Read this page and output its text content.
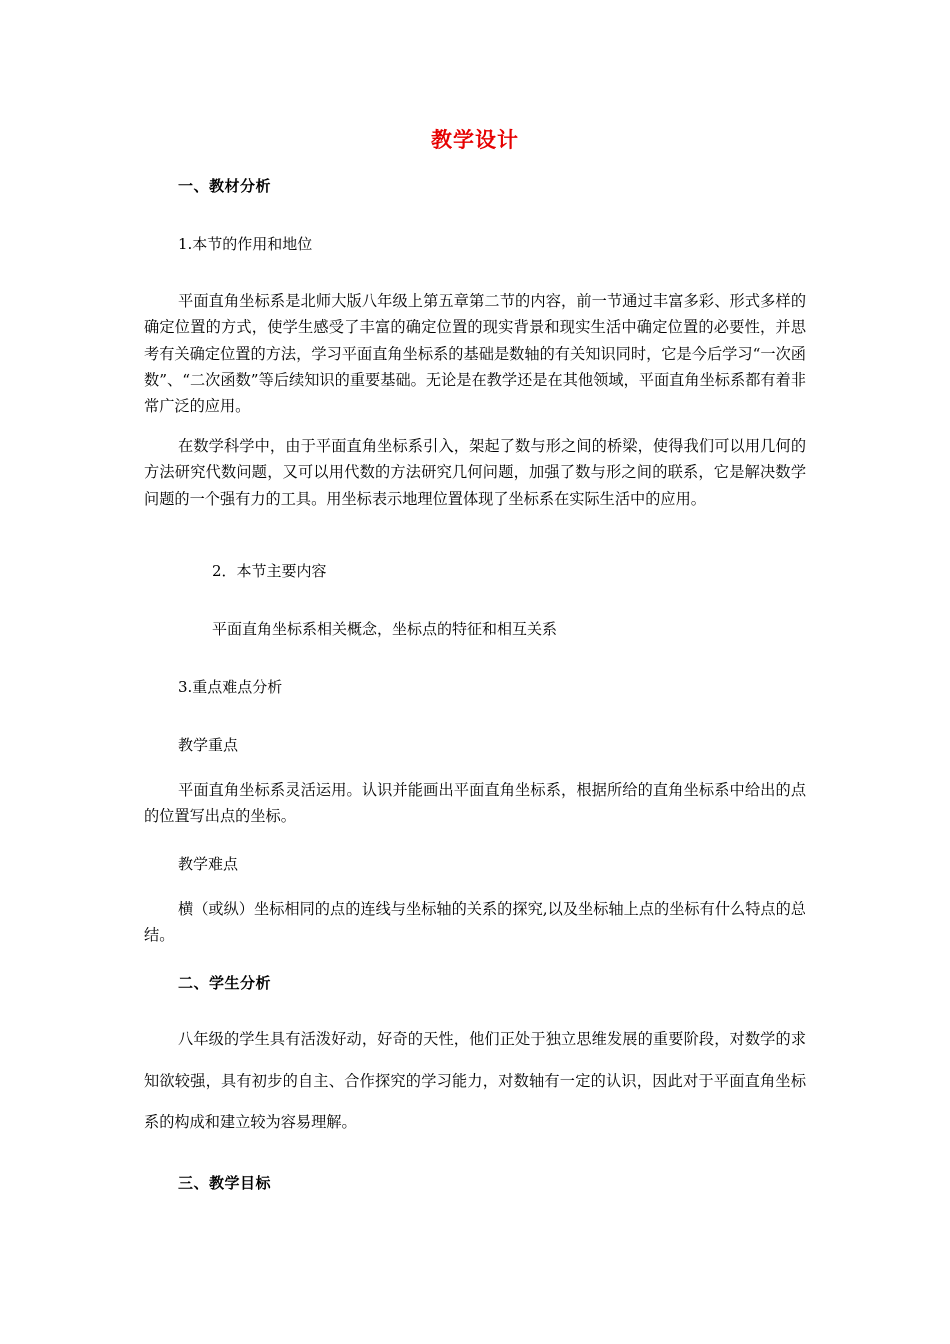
教学设计
一、教材分析
1.本节的作用和地位

平面直角坐标系是北师大版八年级上第五章第二节的内容，前一节通过丰富多彩、形式多样的确定位置的方式，使学生感受了丰富的确定位置的现实背景和现实生活中确定位置的必要性，并思考有关确定位置的方法，学习平面直角坐标系的基础是数轴的有关知识同时，它是今后学习“一次函数”、“二次函数”等后续知识的重要基础。无论是在教学还是在其他领域，平面直角坐标系都有着非常广泛的应用。

在数学科学中，由于平面直角坐标系引入，架起了数与形之间的桥梁，使得我们可以用几何的方法研究代数问题，又可以用代数的方法研究几何问题，加强了数与形之间的联系，它是解决数学问题的一个强有力的工具。用坐标表示地理位置体现了坐标系在实际生活中的应用。

2．本节主要内容
平面直角坐标系相关概念，坐标点的特征和相互关系
3.重点难点分析
教学重点

平面直角坐标系灵活运用。认识并能画出平面直角坐标系，根据所给的直角坐标系中给出的点的位置写出点的坐标。

教学难点

横（或纵）坐标相同的点的连线与坐标轴的关系的探究,以及坐标轴上点的坐标有什么特点的总结。

二、学生分析

八年级的学生具有活泼好动，好奇的天性，他们正处于独立思维发展的重要阶段，对数学的求知欲较强，具有初步的自主、合作探究的学习能力，对数轴有一定的认识，因此对于平面直角坐标系的构成和建立较为容易理解。

三、教学目标
